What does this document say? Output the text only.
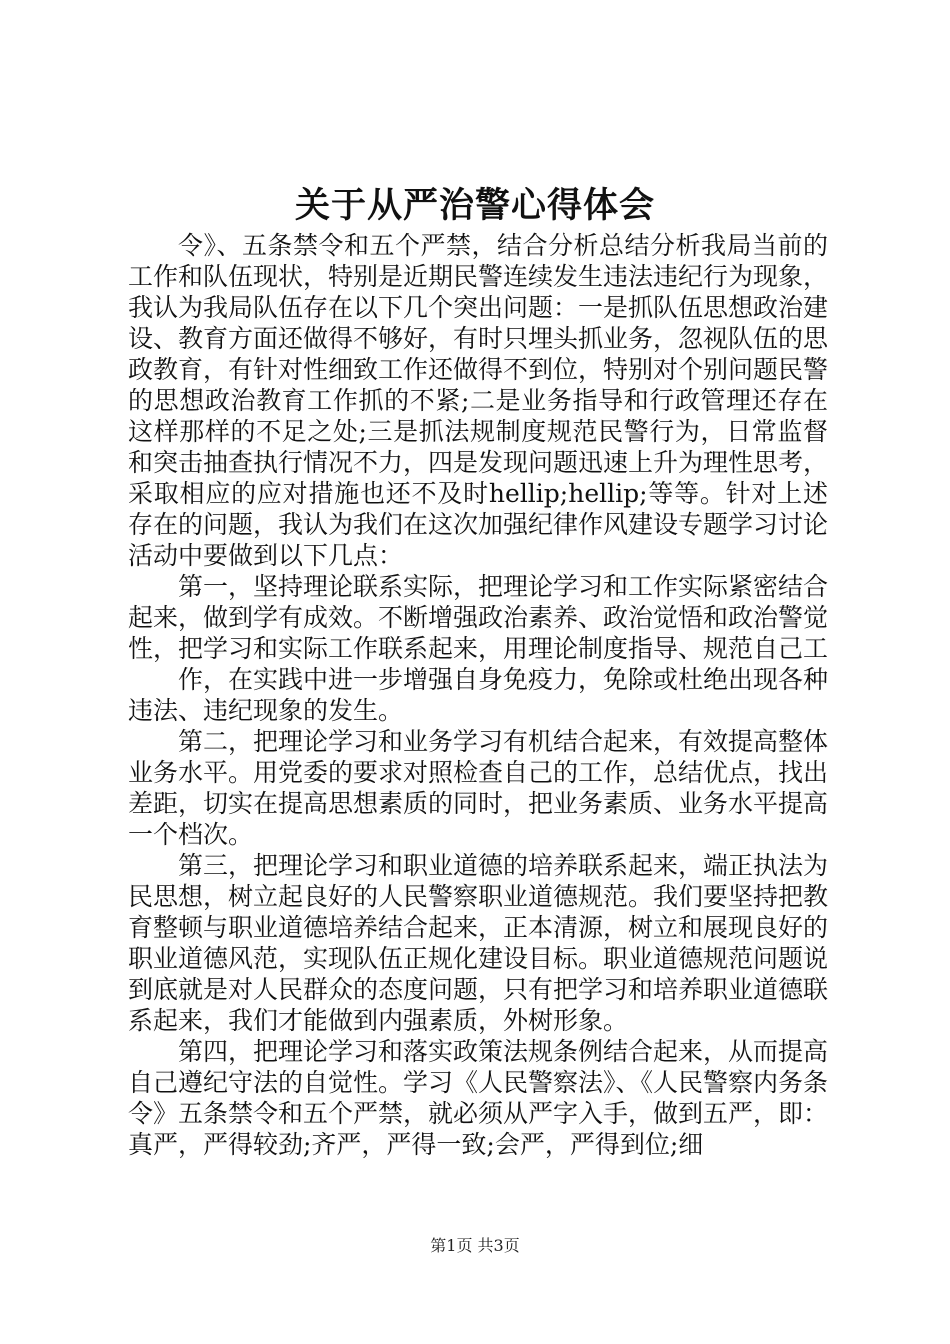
关于从严治警心得体会

令》、五条禁令和五个严禁，结合分析总结分析我局当前的工作和队伍现状，特别是近期民警连续发生违法违纪行为现象，我认为我局队伍存在以下几个突出问题：一是抓队伍思想政治建设、教育方面还做得不够好，有时只埋头抓业务，忽视队伍的思政教育，有针对性细致工作还做得不到位，特别对个别问题民警的思想政治教育工作抓的不紧;二是业务指导和行政管理还存在这样那样的不足之处;三是抓法规制度规范民警行为，日常监督和突击抽查执行情况不力，四是发现问题迅速上升为理性思考，采取相应的应对措施也还不及时hellip;hellip;等等。针对上述存在的问题，我认为我们在这次加强纪律作风建设专题学习讨论活动中要做到以下几点：

第一，坚持理论联系实际，把理论学习和工作实际紧密结合起来，做到学有成效。不断增强政治素养、政治觉悟和政治警觉性，把学习和实际工作联系起来，用理论制度指导、规范自己工

作，在实践中进一步增强自身免疫力，免除或杜绝出现各种违法、违纪现象的发生。

第二，把理论学习和业务学习有机结合起来，有效提高整体业务水平。用党委的要求对照检查自己的工作，总结优点，找出差距，切实在提高思想素质的同时，把业务素质、业务水平提高一个档次。

第三，把理论学习和职业道德的培养联系起来，端正执法为民思想，树立起良好的人民警察职业道德规范。我们要坚持把教育整顿与职业道德培养结合起来，正本清源，树立和展现良好的职业道德风范，实现队伍正规化建设目标。职业道德规范问题说到底就是对人民群众的态度问题，只有把学习和培养职业道德联系起来，我们才能做到内强素质，外树形象。

第四，把理论学习和落实政策法规条例结合起来，从而提高自己遵纪守法的自觉性。学习《人民警察法》、《人民警察内务条令》五条禁令和五个严禁，就必须从严字入手，做到五严，即：真严，严得较劲;齐严，严得一致;会严，严得到位;细

第1页 共3页
